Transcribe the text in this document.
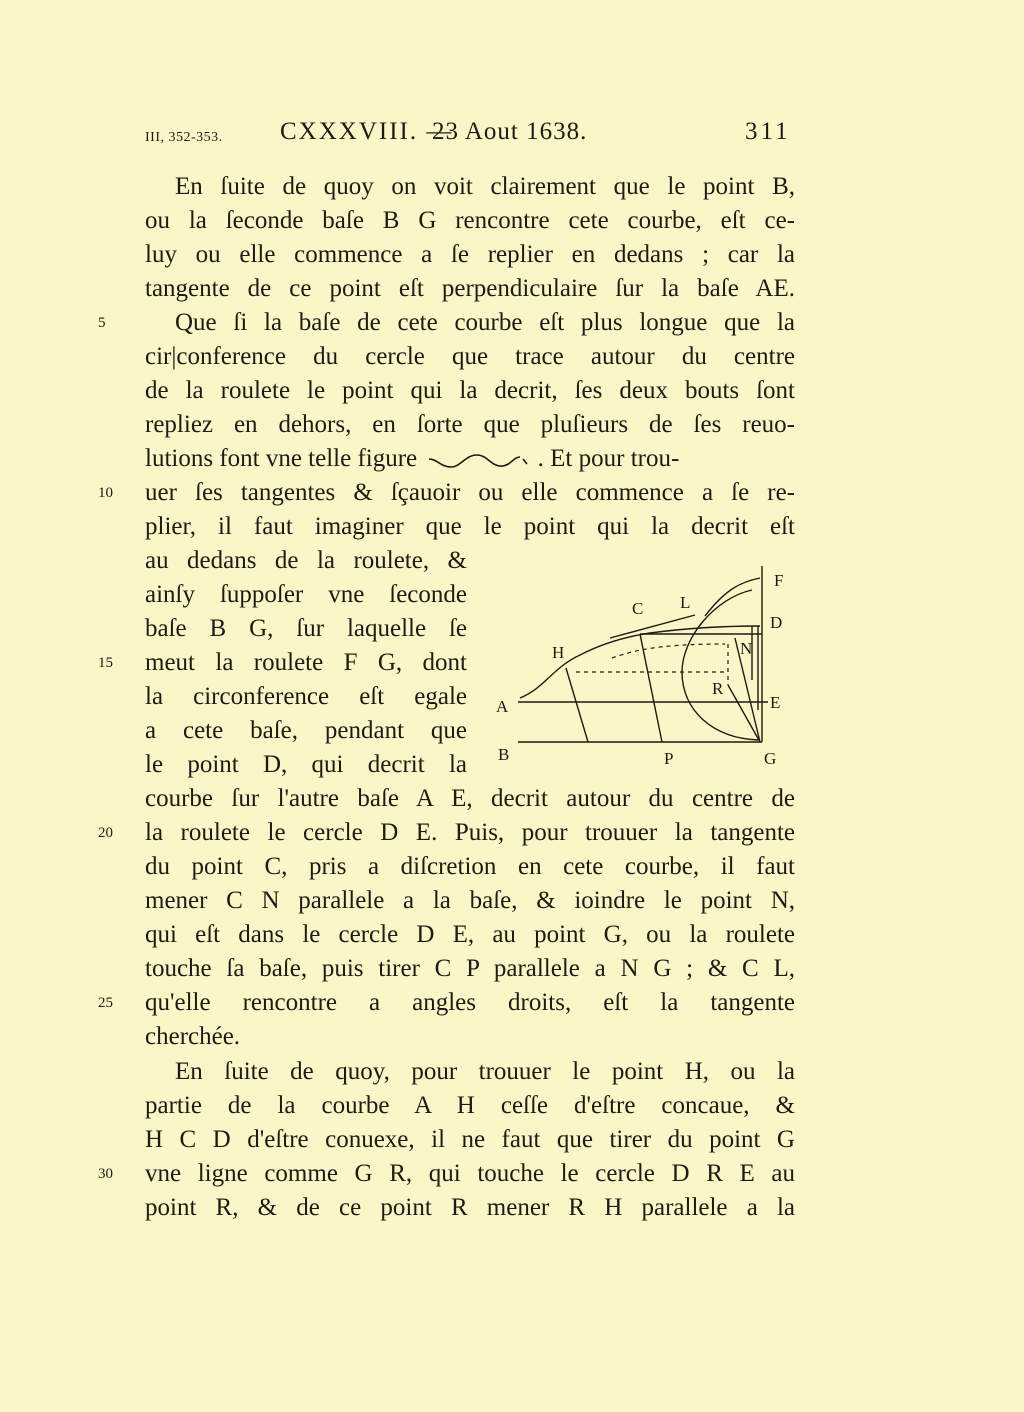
III, 352-353. CXXXVIII. —
23 Aout 1638.	311
En ſuite de quoy on voit clairement que le point B,
ou la ſeconde baſe B G rencontre cete courbe, eſt ce-
luy ou elle commence a ſe replier en dedans ; car la
tangente de ce point eſt perpendiculaire ſur la baſe AE.
5	Que ſi la baſe de cete courbe eſt plus longue que la
cir|conference du cercle que trace autour du centre
de la roulete le point qui la decrit, ſes deux bouts ſont
repliez en dehors, en ſorte que pluſieurs de ſes reuo-
lutions font vne telle figure	. Et pour trou-
10 uer ſes tangentes & ſçauoir ou elle commence a ſe re-
plier, il faut imaginer que le point qui la decrit eſt
au dedans de la roulete, &
ainſy ſuppoſer vne ſeconde
baſe B G, ſur laquelle ſe
15 meut la roulete F G, dont
la circonference eſt egale
a cete baſe, pendant que
le point D, qui decrit la
courbe ſur l'autre baſe A E, decrit autour du centre de
20 la roulete le cercle D E. Puis, pour trouuer la tangente
du point C, pris a diſcretion en cete courbe, il faut
mener C N parallele a la baſe, & ioindre le point N,
qui eſt dans le cercle D E, au point G, ou la roulete
touche ſa baſe, puis tirer C P parallele a N G ; & C L,
25 qu'elle rencontre a angles droits, eſt la tangente
cherchée.
En ſuite de quoy, pour trouuer le point H, ou la
partie de la courbe A H ceſſe d'eſtre concaue, &
H C D d'eſtre conuexe, il ne faut que tirer du point G
30 vne ligne comme G R, qui touche le cercle D R E au
point R, & de ce point R mener R H parallele a la
F
C L
D
H	N
R
A	E
B	P	G
